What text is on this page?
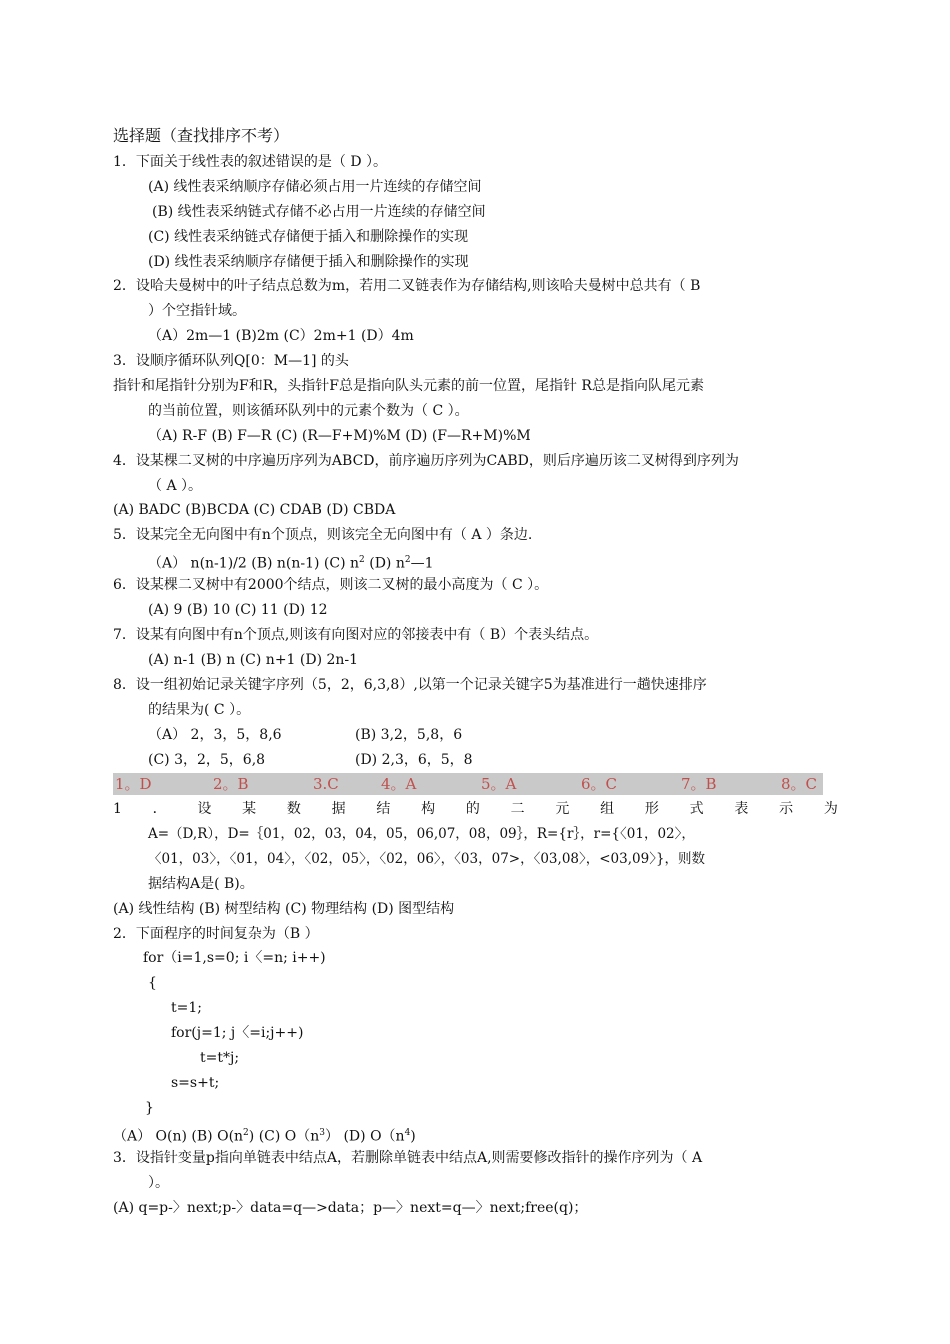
选择题（查找排序不考）
1．下面关于线性表的叙述错误的是（ D ）。
(A) 线性表采纳顺序存储必须占用一片连续的存储空间
(B) 线性表采纳链式存储不必占用一片连续的存储空间
(C) 线性表采纳链式存储便于插入和删除操作的实现
(D) 线性表采纳顺序存储便于插入和删除操作的实现
2．设哈夫曼树中的叶子结点总数为m，若用二叉链表作为存储结构,则该哈夫曼树中总共有（ B
）个空指针域。
（A）2m—1 (B)2m (C）2m+1 (D）4m
3．设顺序循环队列Q[0：M—1] 的头
指针和尾指针分别为F和R，头指针F总是指向队头元素的前一位置，尾指针 R总是指向队尾元素
的当前位置，则该循环队列中的元素个数为（ C ）。
（A) R-F (B) F—R (C) (R—F+M)%M (D) (F—R+M)%M
4．设某棵二叉树的中序遍历序列为ABCD，前序遍历序列为CABD，则后序遍历该二叉树得到序列为
（ A ）。
(A) BADC (B)BCDA (C) CDAB (D) CBDA
5．设某完全无向图中有n个顶点，则该完全无向图中有（ A ）条边.
（A） n(n-1)/2 (B) n(n-1) (C) $n^2$ (D) $n^2—1$
6．设某棵二叉树中有2000个结点，则该二叉树的最小高度为（ C ）。
(A) 9 (B) 10 (C) 11 (D) 12
7．设某有向图中有n个顶点,则该有向图对应的邻接表中有（ B）个表头结点。
(A) n-1 (B) n (C) n+1 (D) 2n-1
8．设一组初始记录关键字序列（5，2，6,3,8）,以第一个记录关键字5为基准进行一趟快速排序
的结果为( C ）。
（A） 2，3，5，8,6	(B) 3,2，5,8，6
(C) 3，2，5，6,8	(D) 2,3，6，5，8
1。D	2。B	3.C	4。A	5。A	6。C	7。B	8。C
1 ． 设 某 数 据 结 构 的 二 元 组 形 式 表 示 为
A=（D,R），D=｛01，02，03，04，05，06,07，08，09｝，R={r｝，r={〈01，02〉，
〈01，03〉，〈01，04〉，〈02，05〉，〈02，06〉，〈03，07>，〈03,08〉，<03,09〉}，则数
据结构A是( B)。
(A) 线性结构 (B) 树型结构 (C) 物理结构 (D) 图型结构
2．下面程序的时间复杂为（B ）
for（i=1,s=0; i〈=n; i++)
{
t=1;
for(j=1; j〈=i;j++)
t=t*j;
s=s+t;
}
（A） O(n) (B) $O(n^2)$ (C) $O(n^3)$ (D) $O(n^4)$
3．设指针变量p指向单链表中结点A，若删除单链表中结点A,则需要修改指针的操作序列为（ A
）。
(A) q=p-〉next;p-〉data=q—>data；p—〉next=q—〉next;free(q)；
